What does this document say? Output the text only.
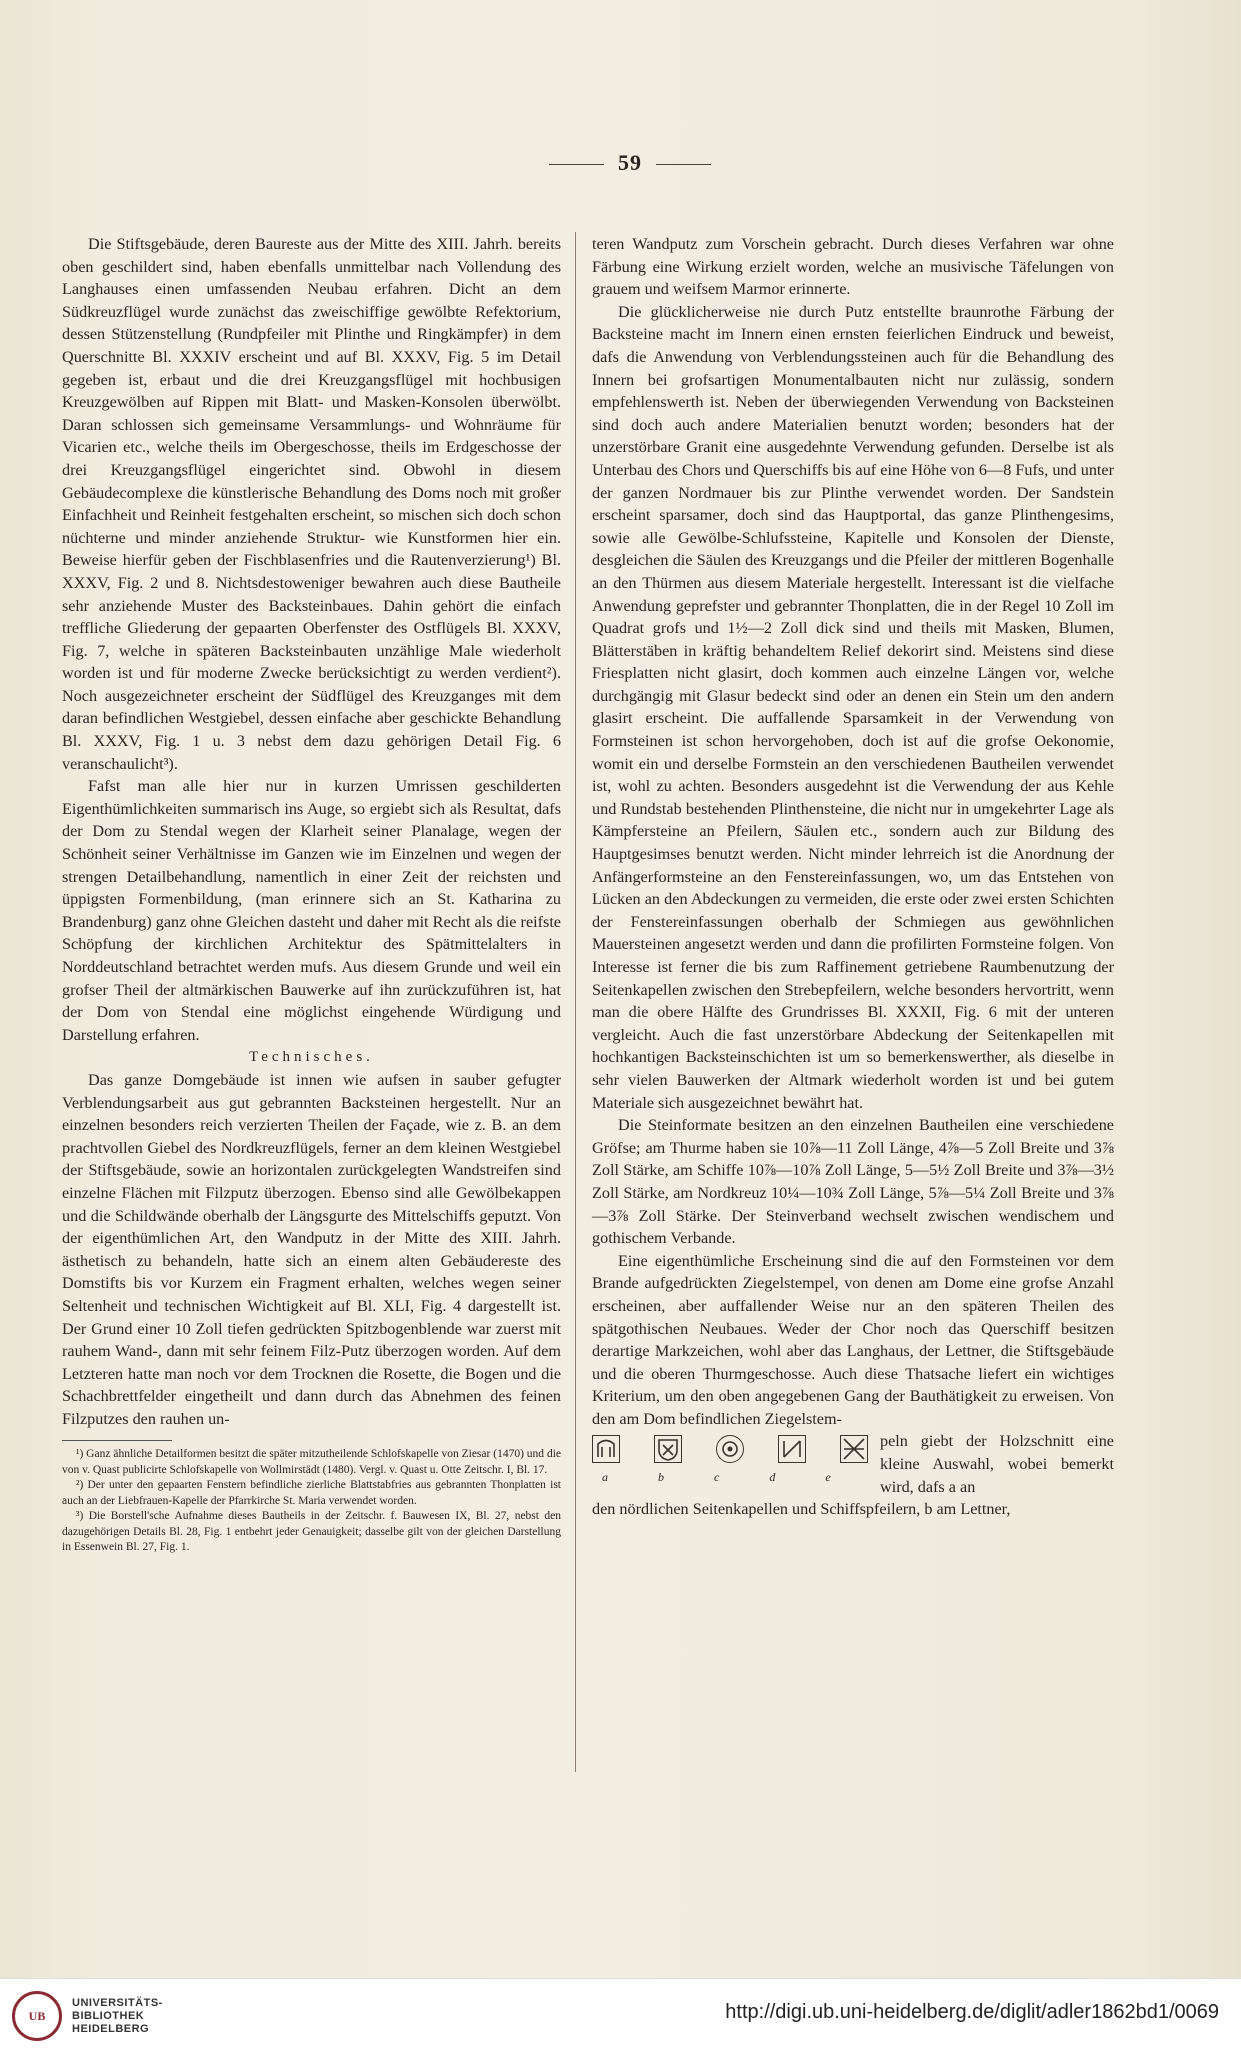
59

Die Stiftsgebäude, deren Baureste aus der Mitte des XIII. Jahrh. bereits oben geschildert sind, haben ebenfalls unmittelbar nach Vollendung des Langhauses einen umfassenden Neubau erfahren. Dicht an dem Südkreuzflügel wurde zunächst das zweischiffige gewölbte Refektorium, dessen Stützenstellung (Rundpfeiler mit Plinthe und Ringkämpfer) in dem Querschnitte Bl. XXXIV erscheint und auf Bl. XXXV, Fig. 5 im Detail gegeben ist, erbaut und die drei Kreuzgangsflügel mit hochbusigen Kreuzgewölben auf Rippen mit Blatt- und Masken-Konsolen überwölbt. Daran schlossen sich gemeinsame Versammlungs- und Wohnräume für Vicarien etc., welche theils im Obergeschosse, theils im Erdgeschosse der drei Kreuzgangsflügel eingerichtet sind. Obwohl in diesem Gebäudecomplexe die künstlerische Behandlung des Doms noch mit großer Einfachheit und Reinheit festgehalten erscheint, so mischen sich doch schon nüchterne und minder anziehende Struktur- wie Kunstformen hier ein. Beweise hierfür geben der Fischblasenfries und die Rautenverzierung¹) Bl. XXXV, Fig. 2 und 8. Nichtsdestoweniger bewahren auch diese Bautheile sehr anziehende Muster des Backsteinbaues. Dahin gehört die einfach treffliche Gliederung der gepaarten Oberfenster des Ostflügels Bl. XXXV, Fig. 7, welche in späteren Backsteinbauten unzählige Male wiederholt worden ist und für moderne Zwecke berücksichtigt zu werden verdient²). Noch ausgezeichneter erscheint der Südflügel des Kreuzganges mit dem daran befindlichen Westgiebel, dessen einfache aber geschickte Behandlung Bl. XXXV, Fig. 1 u. 3 nebst dem dazu gehörigen Detail Fig. 6 veranschaulicht³).

Fafst man alle hier nur in kurzen Umrissen geschilderten Eigenthümlichkeiten summarisch ins Auge, so ergiebt sich als Resultat, dafs der Dom zu Stendal wegen der Klarheit seiner Planalage, wegen der Schönheit seiner Verhältnisse im Ganzen wie im Einzelnen und wegen der strengen Detailbehandlung, namentlich in einer Zeit der reichsten und üppigsten Formenbildung, (man erinnere sich an St. Katharina zu Brandenburg) ganz ohne Gleichen dasteht und daher mit Recht als die reifste Schöpfung der kirchlichen Architektur des Spätmittelalters in Norddeutschland betrachtet werden mufs. Aus diesem Grunde und weil ein grofser Theil der altmärkischen Bauwerke auf ihn zurückzuführen ist, hat der Dom von Stendal eine möglichst eingehende Würdigung und Darstellung erfahren.

Technisches.

Das ganze Domgebäude ist innen wie aufsen in sauber gefugter Verblendungsarbeit aus gut gebrannten Backsteinen hergestellt. Nur an einzelnen besonders reich verzierten Theilen der Façade, wie z. B. an dem prachtvollen Giebel des Nordkreuzflügels, ferner an dem kleinen Westgiebel der Stiftsgebäude, sowie an horizontalen zurückgelegten Wandstreifen sind einzelne Flächen mit Filzputz überzogen. Ebenso sind alle Gewölbekappen und die Schildwände oberhalb der Längsgurte des Mittelschiffs geputzt. Von der eigenthümlichen Art, den Wandputz in der Mitte des XIII. Jahrh. ästhetisch zu behandeln, hatte sich an einem alten Gebäudereste des Domstifts bis vor Kurzem ein Fragment erhalten, welches wegen seiner Seltenheit und technischen Wichtigkeit auf Bl. XLI, Fig. 4 dargestellt ist. Der Grund einer 10 Zoll tiefen gedrückten Spitzbogenblende war zuerst mit rauhem Wand-, dann mit sehr feinem Filz-Putz überzogen worden. Auf dem Letzteren hatte man noch vor dem Trocknen die Rosette, die Bogen und die Schachbrettfelder eingetheilt und dann durch das Abnehmen des feinen Filzputzes den rauhen un-

¹) Ganz ähnliche Detailformen besitzt die später mitzutheilende Schlofskapelle von Ziesar (1470) und die von v. Quast publicirte Schlofskapelle von Wollmirstädt (1480). Vergl. v. Quast u. Otte Zeitschr. I, Bl. 17.

²) Der unter den gepaarten Fenstern befindliche zierliche Blattstabfries aus gebrannten Thonplatten ist auch an der Liebfrauen-Kapelle der Pfarrkirche St. Maria verwendet worden.

³) Die Borstell'sche Aufnahme dieses Bautheils in der Zeitschr. f. Bauwesen IX, Bl. 27, nebst den dazugehörigen Details Bl. 28, Fig. 1 entbehrt jeder Genauigkeit; dasselbe gilt von der gleichen Darstellung in Essenwein Bl. 27, Fig. 1.

teren Wandputz zum Vorschein gebracht. Durch dieses Verfahren war ohne Färbung eine Wirkung erzielt worden, welche an musivische Täfelungen von grauem und weifsem Marmor erinnerte.

Die glücklicherweise nie durch Putz entstellte braunrothe Färbung der Backsteine macht im Innern einen ernsten feierlichen Eindruck und beweist, dafs die Anwendung von Verblendungssteinen auch für die Behandlung des Innern bei grofsartigen Monumentalbauten nicht nur zulässig, sondern empfehlenswerth ist. Neben der überwiegenden Verwendung von Backsteinen sind doch auch andere Materialien benutzt worden; besonders hat der unzerstörbare Granit eine ausgedehnte Verwendung gefunden. Derselbe ist als Unterbau des Chors und Querschiffs bis auf eine Höhe von 6—8 Fufs, und unter der ganzen Nordmauer bis zur Plinthe verwendet worden. Der Sandstein erscheint sparsamer, doch sind das Hauptportal, das ganze Plinthengesims, sowie alle Gewölbe-Schlufssteine, Kapitelle und Konsolen der Dienste, desgleichen die Säulen des Kreuzgangs und die Pfeiler der mittleren Bogenhalle an den Thürmen aus diesem Materiale hergestellt. Interessant ist die vielfache Anwendung geprefster und gebrannter Thonplatten, die in der Regel 10 Zoll im Quadrat grofs und 1½—2 Zoll dick sind und theils mit Masken, Blumen, Blätterstäben in kräftig behandeltem Relief dekorirt sind. Meistens sind diese Friesplatten nicht glasirt, doch kommen auch einzelne Längen vor, welche durchgängig mit Glasur bedeckt sind oder an denen ein Stein um den andern glasirt erscheint. Die auffallende Sparsamkeit in der Verwendung von Formsteinen ist schon hervorgehoben, doch ist auf die grofse Oekonomie, womit ein und derselbe Formstein an den verschiedenen Bautheilen verwendet ist, wohl zu achten. Besonders ausgedehnt ist die Verwendung der aus Kehle und Rundstab bestehenden Plinthensteine, die nicht nur in umgekehrter Lage als Kämpfersteine an Pfeilern, Säulen etc., sondern auch zur Bildung des Hauptgesimses benutzt werden. Nicht minder lehrreich ist die Anordnung der Anfängerformsteine an den Fenstereinfassungen, wo, um das Entstehen von Lücken an den Abdeckungen zu vermeiden, die erste oder zwei ersten Schichten der Fenstereinfassungen oberhalb der Schmiegen aus gewöhnlichen Mauersteinen angesetzt werden und dann die profilirten Formsteine folgen. Von Interesse ist ferner die bis zum Raffinement getriebene Raumbenutzung der Seitenkapellen zwischen den Strebepfeilern, welche besonders hervortritt, wenn man die obere Hälfte des Grundrisses Bl. XXXII, Fig. 6 mit der unteren vergleicht. Auch die fast unzerstörbare Abdeckung der Seitenkapellen mit hochkantigen Backsteinschichten ist um so bemerkenswerther, als dieselbe in sehr vielen Bauwerken der Altmark wiederholt worden ist und bei gutem Materiale sich ausgezeichnet bewährt hat.

Die Steinformate besitzen an den einzelnen Bautheilen eine verschiedene Gröfse; am Thurme haben sie 10⅞—11 Zoll Länge, 4⅞—5 Zoll Breite und 3⅞ Zoll Stärke, am Schiffe 10⅞—10⅞ Zoll Länge, 5—5½ Zoll Breite und 3⅞—3½ Zoll Stärke, am Nordkreuz 10¼—10¾ Zoll Länge, 5⅞—5¼ Zoll Breite und 3⅞—3⅞ Zoll Stärke. Der Steinverband wechselt zwischen wendischem und gothischem Verbande.

Eine eigenthümliche Erscheinung sind die auf den Formsteinen vor dem Brande aufgedrückten Ziegelstempel, von denen am Dome eine grofse Anzahl erscheinen, aber auffallender Weise nur an den späteren Theilen des spätgothischen Neubaues. Weder der Chor noch das Querschiff besitzen derartige Markzeichen, wohl aber das Langhaus, der Lettner, die Stiftsgebäude und die oberen Thurmgeschosse. Auch diese Thatsache liefert ein wichtiges Kriterium, um den oben angegebenen Gang der Bauthätigkeit zu erweisen. Von den am Dom befindlichen Ziegelstem-

a	b	c	d	e
peln giebt der Holzschnitt eine kleine Auswahl, wobei bemerkt wird, dafs a an

den nördlichen Seitenkapellen und Schiffspfeilern, b am Lettner,

UB
UNIVERSITÄTS-
BIBLIOTHEK
HEIDELBERG
http://digi.ub.uni-heidelberg.de/diglit/adler1862bd1/0069
